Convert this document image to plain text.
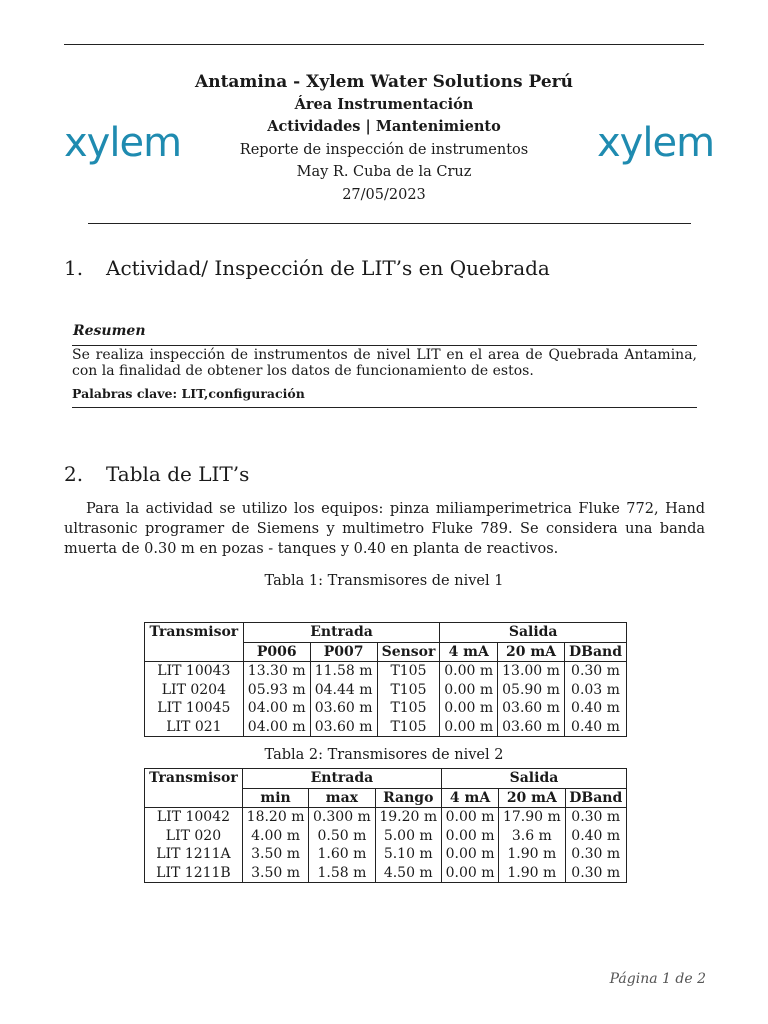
xylem	xylem
Antamina - Xylem Water Solutions Perú
Área Instrumentación
Actividades | Mantenimiento
Reporte de inspección de instrumentos
May R. Cuba de la Cruz
27/05/2023
1. Actividad/ Inspección de LIT’s en Quebrada
Resumen
Se realiza inspección de instrumentos de nivel LIT en el area de Quebrada Antamina, con la finalidad de obtener los datos de funcionamiento de estos.
Palabras clave: LIT,configuración
2. Tabla de LIT’s
Para la actividad se utilizo los equipos: pinza miliamperimetrica Fluke 772, Hand ultrasonic programer de Siemens y multimetro Fluke 789. Se considera una banda muerta de 0.30 m en pozas - tanques y 0.40 en planta de reactivos.
Tabla 1: Transmisores de nivel 1
Transmisor	Entrada			Salida		
	P006	P007	Sensor	4 mA	20 mA	DBand
LIT 10043	13.30 m	11.58 m	T105	0.00 m	13.00 m	0.30 m
LIT 0204	05.93 m	04.44 m	T105	0.00 m	05.90 m	0.03 m
LIT 10045	04.00 m	03.60 m	T105	0.00 m	03.60 m	0.40 m
LIT 021	04.00 m	03.60 m	T105	0.00 m	03.60 m	0.40 m
Tabla 2: Transmisores de nivel 2
Transmisor	Entrada			Salida		
	min	max	Rango	4 mA	20 mA	DBand
LIT 10042	18.20 m	0.300 m	19.20 m	0.00 m	17.90 m	0.30 m
LIT 020	4.00 m	0.50 m	5.00 m	0.00 m	3.6 m	0.40 m
LIT 1211A	3.50 m	1.60 m	5.10 m	0.00 m	1.90 m	0.30 m
LIT 1211B	3.50 m	1.58 m	4.50 m	0.00 m	1.90 m	0.30 m
Página 1 de 2
